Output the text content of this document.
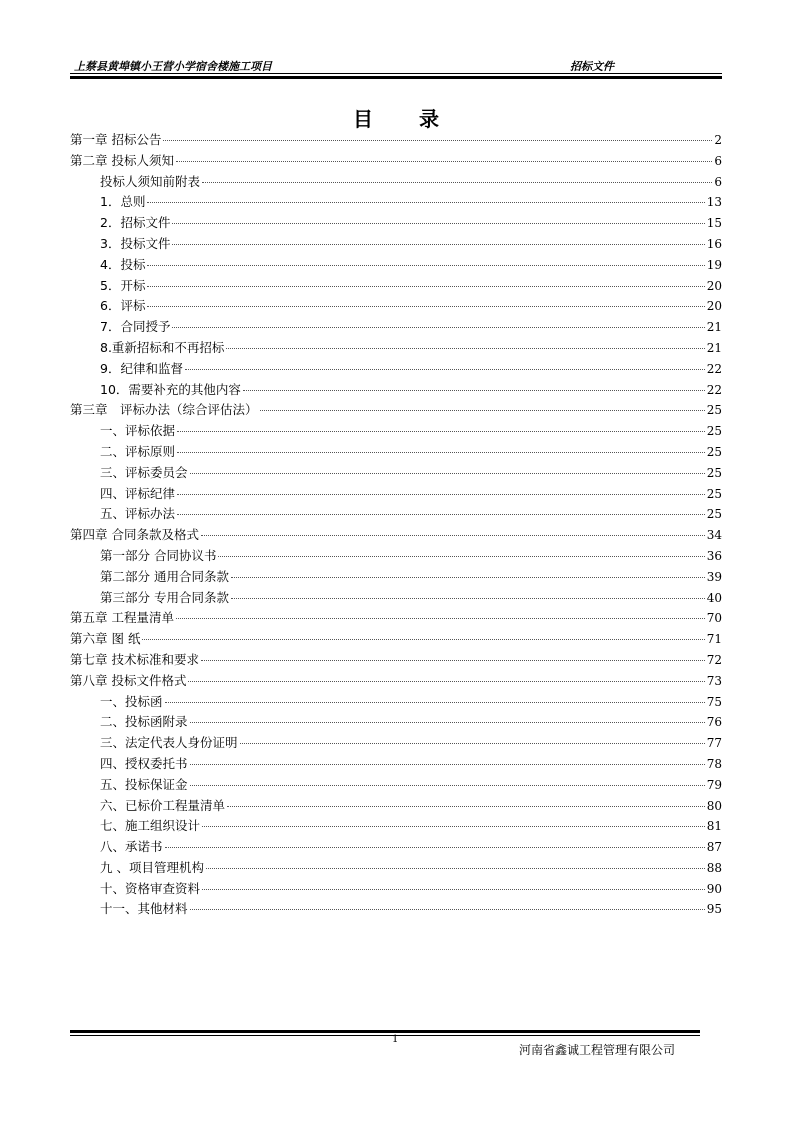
上蔡县黄埠镇小王营小学宿舍楼施工项目	招标文件
目　　录
第一章 招标公告	2
第二章 投标人须知	6
投标人须知前附表	6
1．总则	13
2．招标文件	15
3．投标文件	16
4．投标	19
5．开标	20
6．评标	20
7．合同授予	21
8.重新招标和不再招标	21
9．纪律和监督	22
10．需要补充的其他内容	22
第三章　评标办法（综合评估法）	25
一、评标依据	25
二、评标原则	25
三、评标委员会	25
四、评标纪律	25
五、评标办法	25
第四章 合同条款及格式	34
第一部分 合同协议书	36
第二部分 通用合同条款	39
第三部分 专用合同条款	40
第五章 工程量清单	70
第六章 图 纸	71
第七章 技术标准和要求	72
第八章 投标文件格式	73
一、投标函	75
二、投标函附录	76
三、法定代表人身份证明	77
四、授权委托书	78
五、投标保证金	79
六、已标价工程量清单	80
七、施工组织设计	81
八、承诺书	87
九 、项目管理机构	88
十、资格审查资料	90
十一、其他材料	95
1
河南省鑫诚工程管理有限公司
